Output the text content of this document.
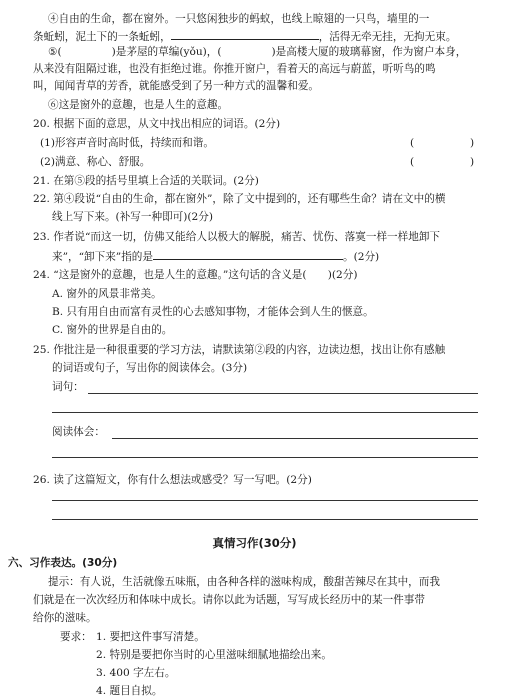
④自由的生命，都在窗外。一只悠闲独步的蚂蚁，也线上晾翅的一只鸟，墙里的一
条蚯蚓，泥土下的一条蚯蚓，	，活得无牵无挂，无拘无束。
⑤(	)是茅屋的草编(yǒu)，(	)是高楼大厦的玻璃幕窗，作为窗户本身，
从来没有阻隔过谁，也没有拒绝过谁。你推开窗户，看着天的高远与蔚蓝，听听鸟的鸣
叫，闻闻青草的芳香，就能感受到了另一种方式的温馨和爱。
⑥这是窗外的意趣，也是人生的意趣。
20. 根据下面的意思，从文中找出相应的词语。(2分)
(1)形容声音时高时低，持续而和谐。	(	)
(2)满意、称心、舒服。	(	)
21. 在第⑤段的括号里填上合适的关联词。(2分)
22. 第④段说“自由的生命，都在窗外”，除了文中提到的，还有哪些生命？请在文中的横
线上写下来。(补写一种即可)(2分)
23. 作者说“而这一切，仿佛又能给人以极大的解脱，痛苦、忧伤、落寞一样一样地卸下
来”，“卸下来”指的是	。(2分)
24. “这是窗外的意趣，也是人生的意趣。”这句话的含义是(　　)(2分)
A. 窗外的风景非常美。
B. 只有用自由而富有灵性的心去感知事物，才能体会到人生的惬意。
C. 窗外的世界是自由的。
25. 作批注是一种很重要的学习方法，请默读第②段的内容，边读边想，找出让你有感触
的词语或句子，写出你的阅读体会。(3分)
词句：
阅读体会：
26. 读了这篇短文，你有什么想法或感受？写一写吧。(2分)
真情习作(30分)
六、习作表达。(30分)
提示：有人说，生活就像五味瓶，由各种各样的滋味构成，酸甜苦辣尽在其中，而我
们就是在一次次经历和体味中成长。请你以此为话题，写写成长经历中的某一件事带
给你的滋味。
要求： 1. 要把这件事写清楚。
2. 特别是要把你当时的心里滋味细腻地描绘出来。
3. 400 字左右。
4. 题目自拟。
